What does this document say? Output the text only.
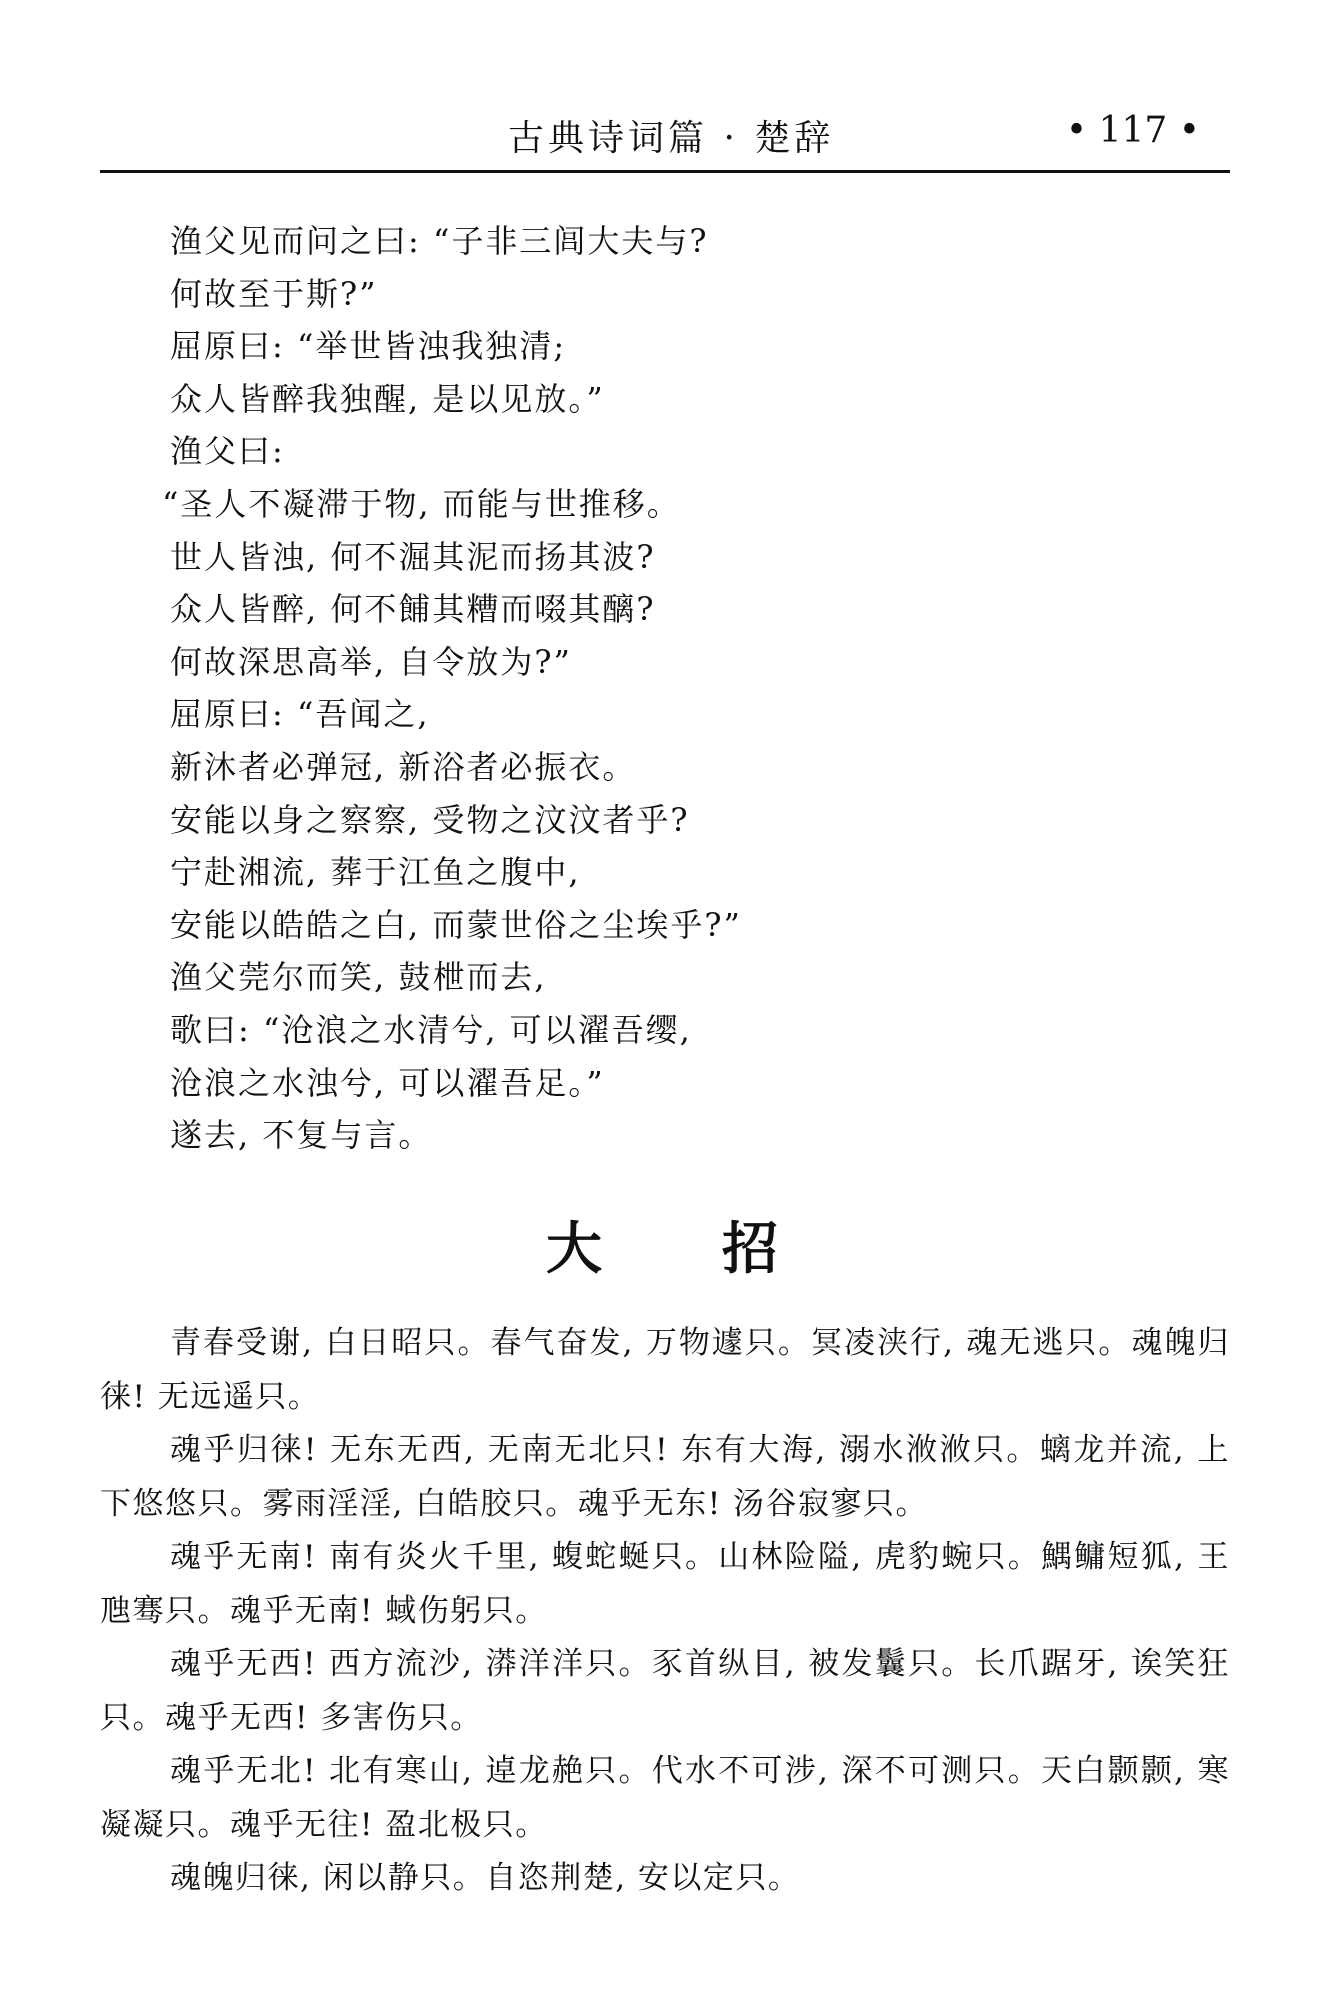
古典诗词篇 · 楚辞	• 117 •
渔父见而问之曰: “子非三闾大夫与?
何故至于斯?”
屈原曰: “举世皆浊我独清;
众人皆醉我独醒, 是以见放。”
渔父曰:
“圣人不凝滞于物, 而能与世推移。
世人皆浊, 何不淈其泥而扬其波?
众人皆醉, 何不餔其糟而啜其醨?
何故深思高举, 自令放为?”
屈原曰: “吾闻之,
新沐者必弹冠, 新浴者必振衣。
安能以身之察察, 受物之汶汶者乎?
宁赴湘流, 葬于江鱼之腹中,
安能以皓皓之白, 而蒙世俗之尘埃乎?”
渔父莞尔而笑, 鼓枻而去,
歌曰: “沧浪之水清兮, 可以濯吾缨,
沧浪之水浊兮, 可以濯吾足。”
遂去, 不复与言。
大招

青春受谢, 白日昭只。春气奋发, 万物遽只。冥凌浃行, 魂无逃只。魂魄归徕! 无远遥只。

魂乎归徕! 无东无西, 无南无北只! 东有大海, 溺水浟浟只。螭龙并流, 上下悠悠只。雾雨淫淫, 白皓胶只。魂乎无东! 汤谷寂寥只。

魂乎无南! 南有炎火千里, 蝮蛇蜒只。山林险隘, 虎豹蜿只。鰅鳙短狐, 王虺骞只。魂乎无南! 蜮伤躬只。

魂乎无西! 西方流沙, 漭洋洋只。豕首纵目, 被发鬤只。长爪踞牙, 诶笑狂只。魂乎无西! 多害伤只。

魂乎无北! 北有寒山, 逴龙赩只。代水不可涉, 深不可测只。天白颢颢, 寒凝凝只。魂乎无往! 盈北极只。

魂魄归徕, 闲以静只。自恣荆楚, 安以定只。
